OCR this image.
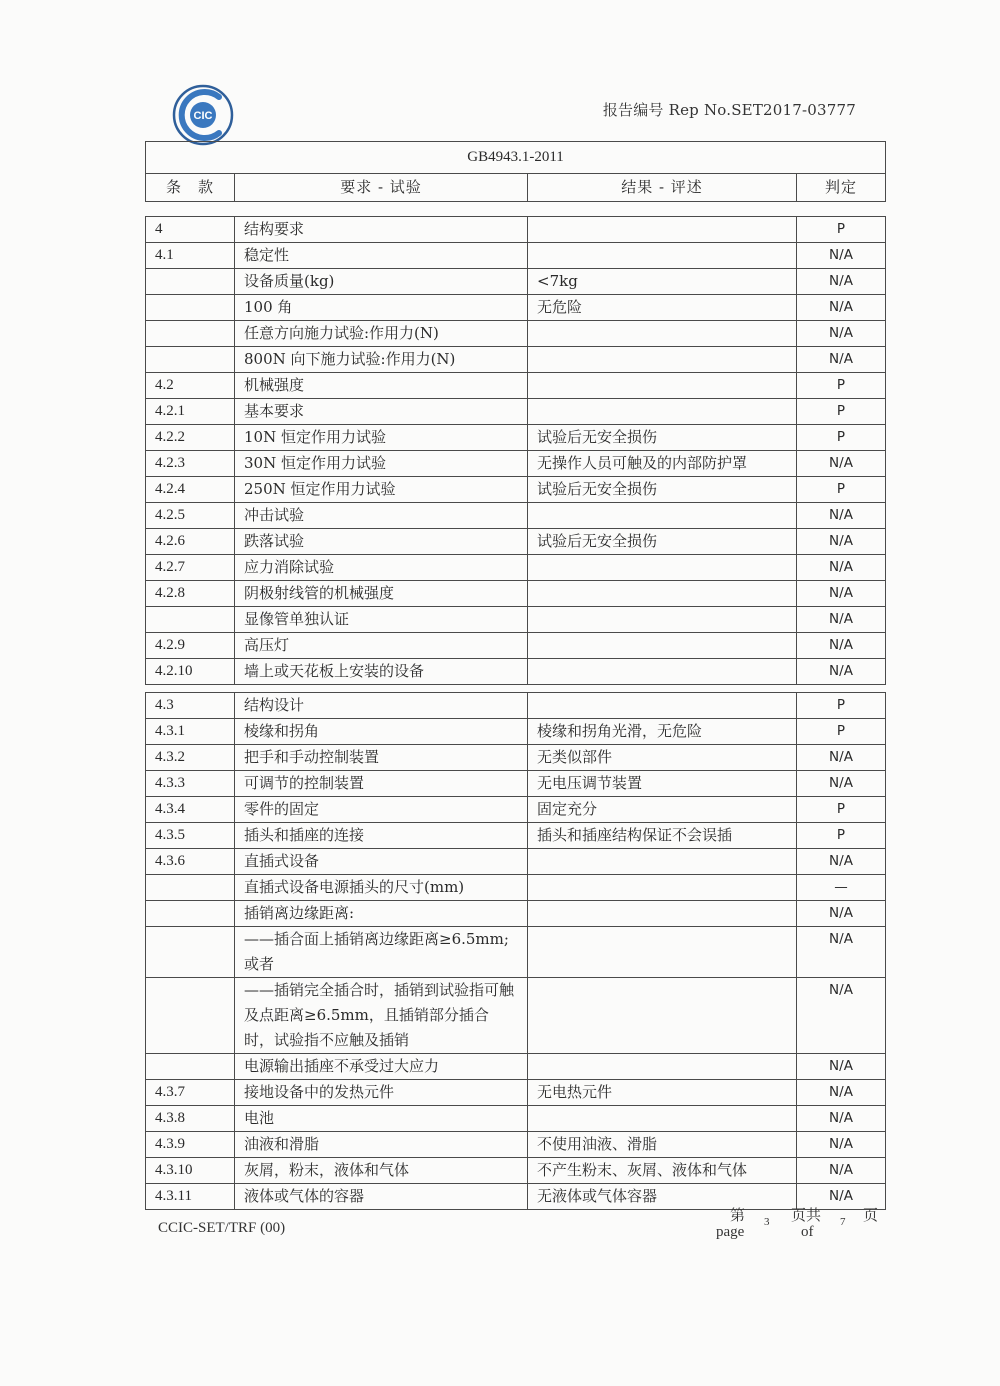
CIC	报告编号 Rep No.SET2017-03777
GB4943.1-2011
条　款	要求 - 试验	结果 - 评述	判定
4	结构要求		P
4.1	稳定性		N/A
	设备质量(kg)	<7kg	N/A
	100 角	无危险	N/A
	任意方向施力试验:作用力(N)		N/A
	800N 向下施力试验:作用力(N)		N/A
4.2	机械强度		P
4.2.1	基本要求		P
4.2.2	10N 恒定作用力试验	试验后无安全损伤	P
4.2.3	30N 恒定作用力试验	无操作人员可触及的内部防护罩	N/A
4.2.4	250N 恒定作用力试验	试验后无安全损伤	P
4.2.5	冲击试验		N/A
4.2.6	跌落试验	试验后无安全损伤	N/A
4.2.7	应力消除试验		N/A
4.2.8	阴极射线管的机械强度		N/A
	显像管单独认证		N/A
4.2.9	高压灯		N/A
4.2.10	墙上或天花板上安装的设备		N/A
4.3	结构设计		P
4.3.1	棱缘和拐角	棱缘和拐角光滑，无危险	P
4.3.2	把手和手动控制装置	无类似部件	N/A
4.3.3	可调节的控制装置	无电压调节装置	N/A
4.3.4	零件的固定	固定充分	P
4.3.5	插头和插座的连接	插头和插座结构保证不会误插	P
4.3.6	直插式设备		N/A
	直插式设备电源插头的尺寸(mm)		—
	插销离边缘距离:		N/A
	——插合面上插销离边缘距离≥6.5mm;或者		N/A
	——插销完全插合时，插销到试验指可触及点距离≥6.5mm，且插销部分插合时，试验指不应触及插销		N/A
	电源输出插座不承受过大应力		N/A
4.3.7	接地设备中的发热元件	无电热元件	N/A
4.3.8	电池		N/A
4.3.9	油液和滑脂	不使用油液、滑脂	N/A
4.3.10	灰屑，粉末，液体和气体	不产生粉末、灰屑、液体和气体	N/A
4.3.11	液体或气体的容器	无液体或气体容器	N/A
CCIC-SET/TRF (00)
第
page
3 页共
of
7 页
